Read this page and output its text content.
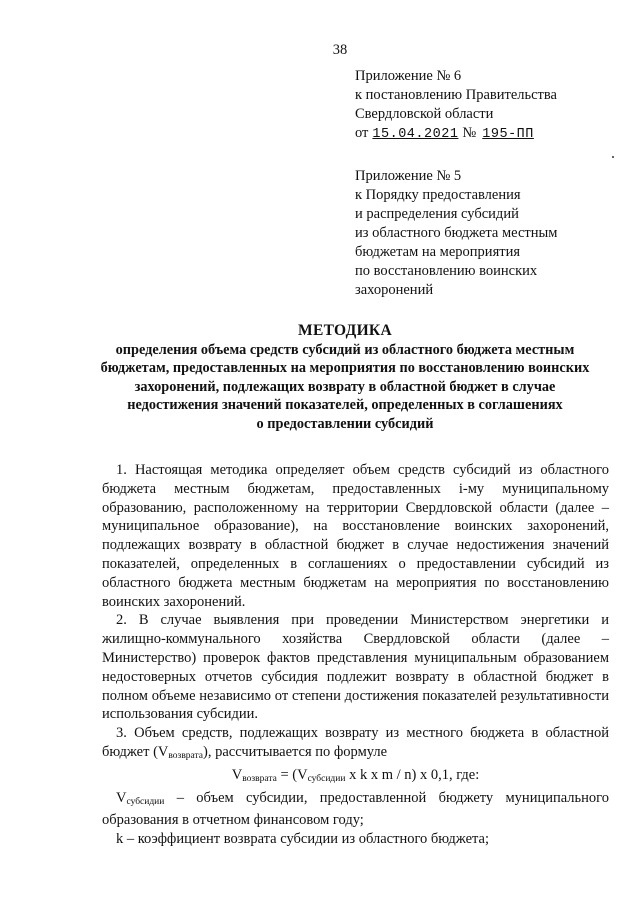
38
Приложение № 6
к постановлению Правительства
Свердловской области
от 15.04.2021 № 195-ПП
Приложение № 5
к Порядку предоставления
и распределения субсидий
из областного бюджета местным
бюджетам на мероприятия
по восстановлению воинских
захоронений
МЕТОДИКА
определения объема средств субсидий из областного бюджета местным
бюджетам, предоставленных на мероприятия по восстановлению воинских
захоронений, подлежащих возврату в областной бюджет в случае
недостижения значений показателей, определенных в соглашениях
о предоставлении субсидий

1. Настоящая методика определяет объем средств субсидий из областного бюджета местным бюджетам, предоставленных i-му муниципальному образованию, расположенному на территории Свердловской области (далее – муниципальное образование), на восстановление воинских захоронений, подлежащих возврату в областной бюджет в случае недостижения значений показателей, определенных в соглашениях о предоставлении субсидий из областного бюджета местным бюджетам на мероприятия по восстановлению воинских захоронений.

2. В случае выявления при проведении Министерством энергетики и жилищно-коммунального хозяйства Свердловской области (далее – Министерство) проверок фактов представления муниципальным образованием недостоверных отчетов субсидия подлежит возврату в областной бюджет в полном объеме независимо от степени достижения показателей результативности использования субсидии.

3. Объем средств, подлежащих возврату из местного бюджета в областной бюджет $(V_{возврата})$, рассчитывается по формуле

$V_{возврата} = (V_{субсидии}$ x k x m / n) x 0,1, где:

$V_{субсидии}$ – объем субсидии, предоставленной бюджету муниципального образования в отчетном финансовом году;

k – коэффициент возврата субсидии из областного бюджета;
